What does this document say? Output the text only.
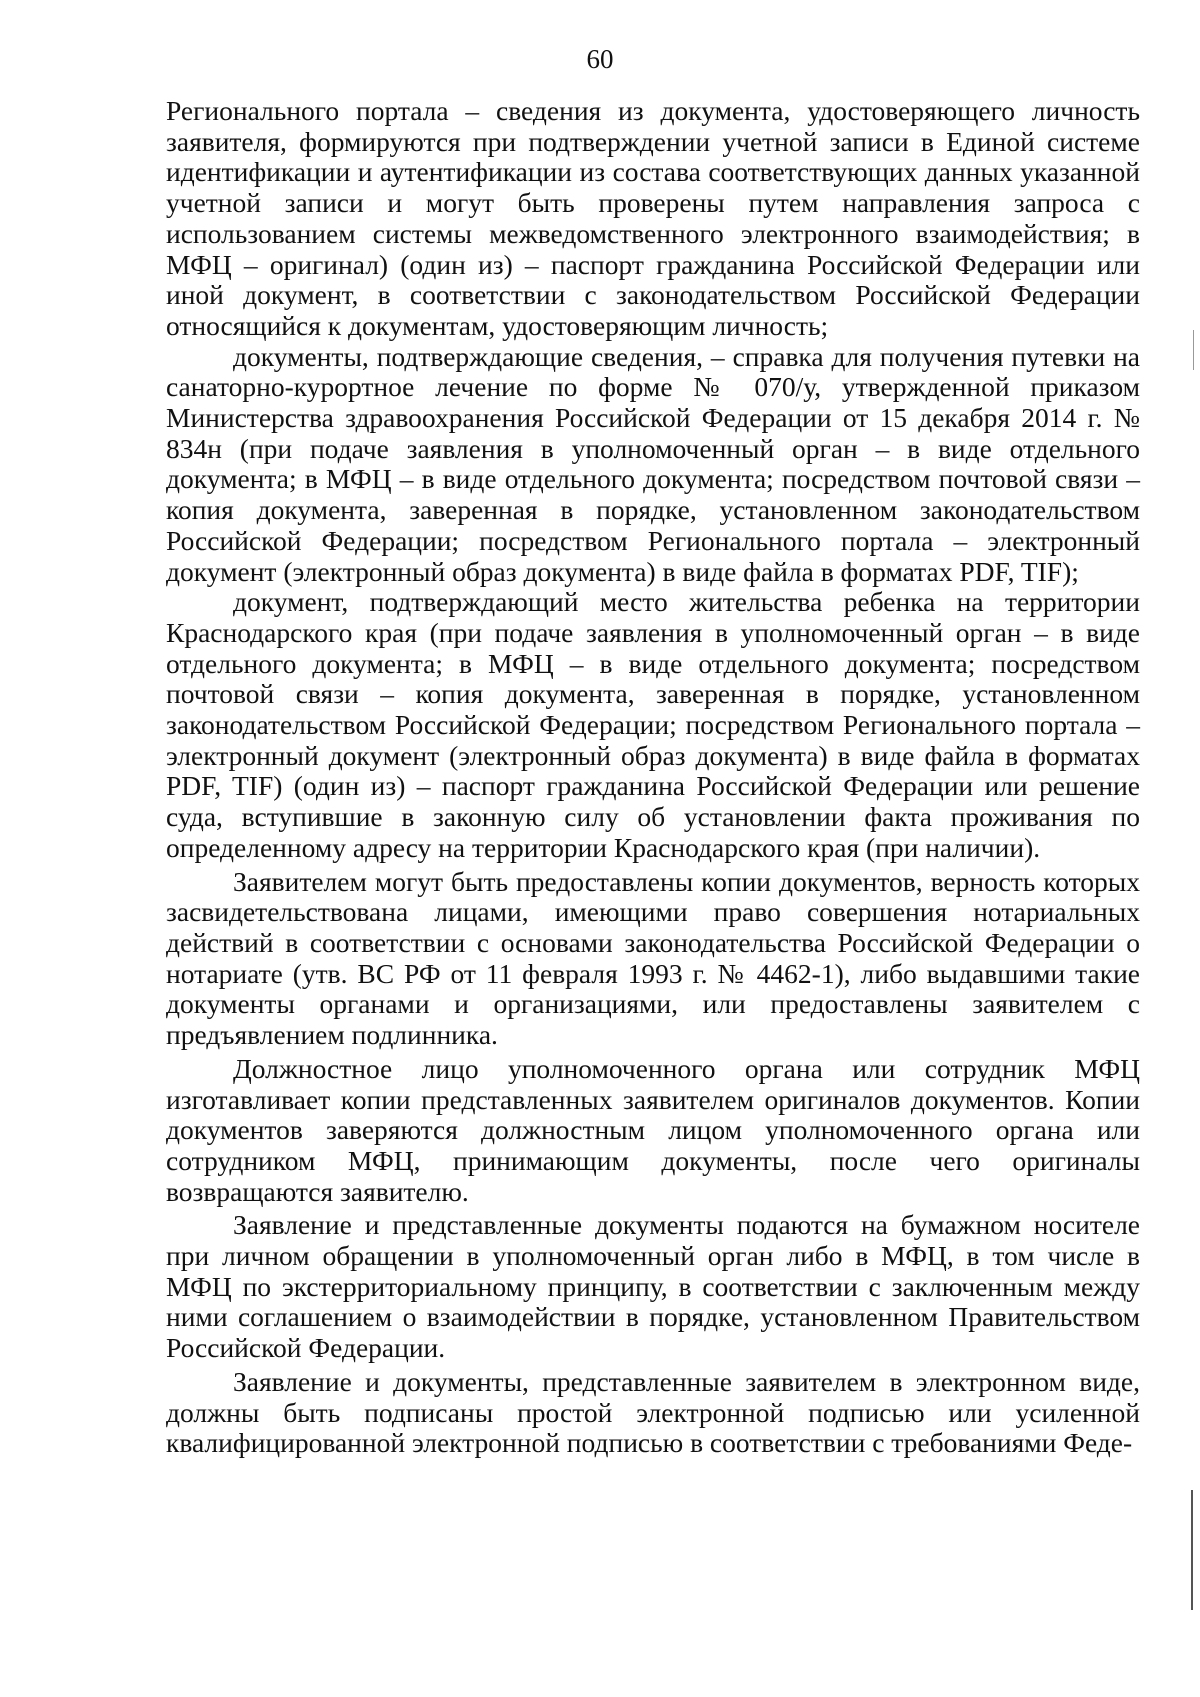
60

Регионального портала – сведения из документа, удостоверяющего личность заявителя, формируются при подтверждении учетной записи в Единой системе идентификации и аутентификации из состава соответствующих данных указанной учетной записи и могут быть проверены путем направления запроса с использованием системы межведомственного электронного взаимодействия; в МФЦ – оригинал) (один из) – паспорт гражданина Российской Федерации или иной документ, в соответствии с законодательством Российской Федерации относящийся к документам, удостоверяющим личность;

документы, подтверждающие сведения, – справка для получения путевки на санаторно-курортное лечение по форме № 070/у, утвержденной приказом Министерства здравоохранения Российской Федерации от 15 декабря 2014 г. № 834н (при подаче заявления в уполномоченный орган – в виде отдельного документа; в МФЦ – в виде отдельного документа; посредством почтовой связи – копия документа, заверенная в порядке, установленном законодательством Российской Федерации; посредством Регионального портала – электронный документ (электронный образ документа) в виде файла в форматах PDF, TIF);

документ, подтверждающий место жительства ребенка на территории Краснодарского края (при подаче заявления в уполномоченный орган – в виде отдельного документа; в МФЦ – в виде отдельного документа; посредством почтовой связи – копия документа, заверенная в порядке, установленном законодательством Российской Федерации; посредством Регионального портала – электронный документ (электронный образ документа) в виде файла в форматах PDF, TIF) (один из) – паспорт гражданина Российской Федерации или решение суда, вступившие в законную силу об установлении факта проживания по определенному адресу на территории Краснодарского края (при наличии).

Заявителем могут быть предоставлены копии документов, верность которых засвидетельствована лицами, имеющими право совершения нотариальных действий в соответствии с основами законодательства Российской Федерации о нотариате (утв. ВС РФ от 11 февраля 1993 г. № 4462-1), либо выдавшими такие документы органами и организациями, или предоставлены заявителем с предъявлением подлинника.

Должностное лицо уполномоченного органа или сотрудник МФЦ изготавливает копии представленных заявителем оригиналов документов. Копии документов заверяются должностным лицом уполномоченного органа или сотрудником МФЦ, принимающим документы, после чего оригиналы возвращаются заявителю.

Заявление и представленные документы подаются на бумажном носителе при личном обращении в уполномоченный орган либо в МФЦ, в том числе в МФЦ по экстерриториальному принципу, в соответствии с заключенным между ними соглашением о взаимодействии в порядке, установленном Правительством Российской Федерации.

Заявление и документы, представленные заявителем в электронном виде, должны быть подписаны простой электронной подписью или усиленной квалифицированной электронной подписью в соответствии с требованиями Феде-
